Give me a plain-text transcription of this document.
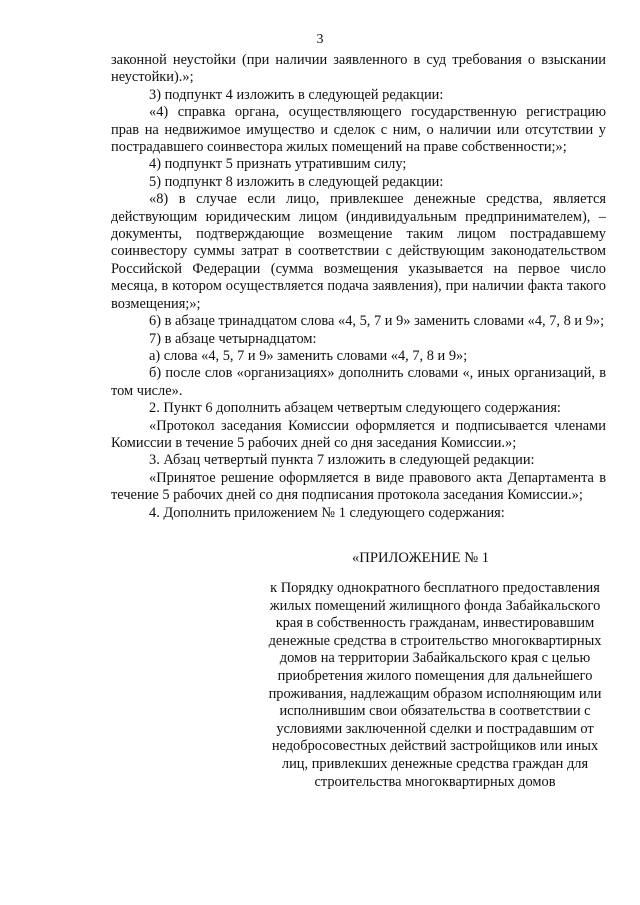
3

законной неустойки (при наличии заявленного в суд требования о взыскании неустойки).»;

3) подпункт 4 изложить в следующей редакции:

«4) справка органа, осуществляющего государственную регистрацию прав на недвижимое имущество и сделок с ним, о наличии или отсутствии у пострадавшего соинвестора жилых помещений на праве собственности;»;

4) подпункт 5 признать утратившим силу;

5) подпункт 8 изложить в следующей редакции:

«8) в случае если лицо, привлекшее денежные средства, является действующим юридическим лицом (индивидуальным предпринимателем), – документы, подтверждающие возмещение таким лицом пострадавшему соинвестору суммы затрат в соответствии с действующим законодательством Российской Федерации (сумма возмещения указывается на первое число месяца, в котором осуществляется подача заявления), при наличии факта такого возмещения;»;

6) в абзаце тринадцатом слова «4, 5, 7 и 9» заменить словами «4, 7, 8 и 9»;

7) в абзаце четырнадцатом:

а) слова «4, 5, 7 и 9» заменить словами «4, 7, 8 и 9»;

б) после слов «организациях» дополнить словами «, иных организаций, в том числе».

2. Пункт 6 дополнить абзацем четвертым следующего содержания:

«Протокол заседания Комиссии оформляется и подписывается членами Комиссии в течение 5 рабочих дней со дня заседания Комиссии.»;

3. Абзац четвертый пункта 7 изложить в следующей редакции:

«Принятое решение оформляется в виде правового акта Департамента в течение 5 рабочих дней со дня подписания протокола заседания Комиссии.»;

4. Дополнить приложением № 1 следующего содержания:

«ПРИЛОЖЕНИЕ № 1
к Порядку однократного бесплатного предоставления жилых помещений жилищного фонда Забайкальского края в собственность гражданам, инвестировавшим денежные средства в строительство многоквартирных домов на территории Забайкальского края с целью приобретения жилого помещения для дальнейшего проживания, надлежащим образом исполняющим или исполнившим свои обязательства в соответствии с условиями заключенной сделки и пострадавшим от недобросовестных действий застройщиков или иных лиц, привлекших денежные средства граждан для строительства многоквартирных домов
